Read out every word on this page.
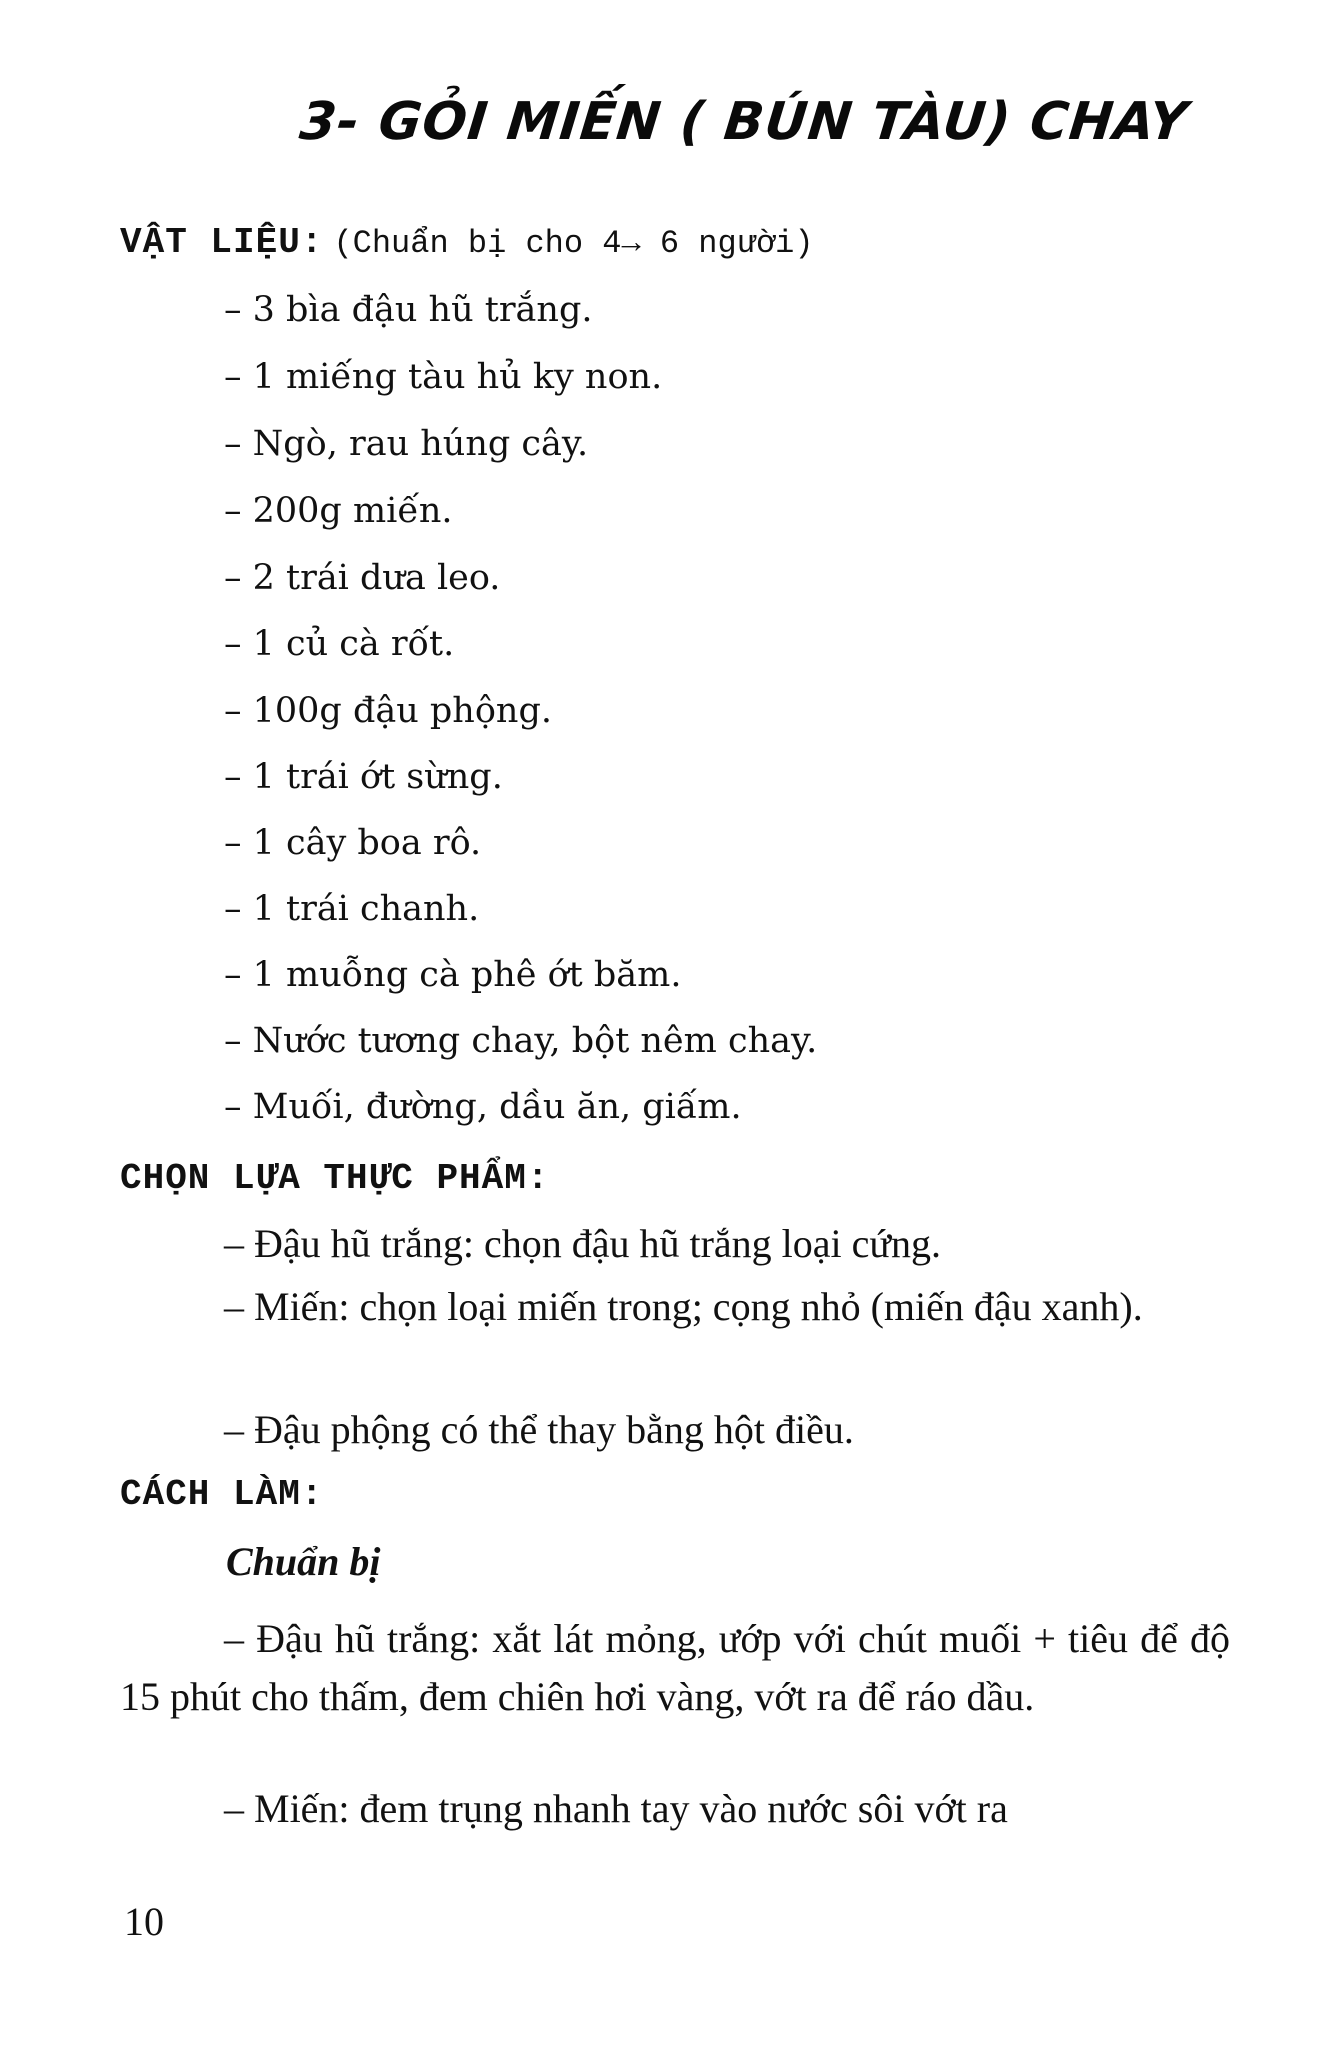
3- GỎI MIẾN ( BÚN TÀU) CHAY
VẬT LIỆU: (Chuẩn bị cho 4→ 6 người)
– 3 bìa đậu hũ trắng.
– 1 miếng tàu hủ ky non.
– Ngò, rau húng cây.
– 200g miến.
– 2 trái dưa leo.
– 1 củ cà rốt.
– 100g đậu phộng.
– 1 trái ớt sừng.
– 1 cây boa rô.
– 1 trái chanh.
– 1 muỗng cà phê ớt băm.
– Nước tương chay, bột nêm chay.
– Muối, đường, dầu ăn, giấm.
CHỌN LỰA THỰC PHẨM:
– Đậu hũ trắng: chọn đậu hũ trắng loại cứng.
– Miến: chọn loại miến trong; cọng nhỏ (miến đậu xanh).
– Đậu phộng có thể thay bằng hột điều.
CÁCH LÀM:
Chuẩn bị
– Đậu hũ trắng: xắt lát mỏng, ướp với chút muối + tiêu để độ 15 phút cho thấm, đem chiên hơi vàng, vớt ra để ráo dầu.
– Miến: đem trụng nhanh tay vào nước sôi vớt ra
10
